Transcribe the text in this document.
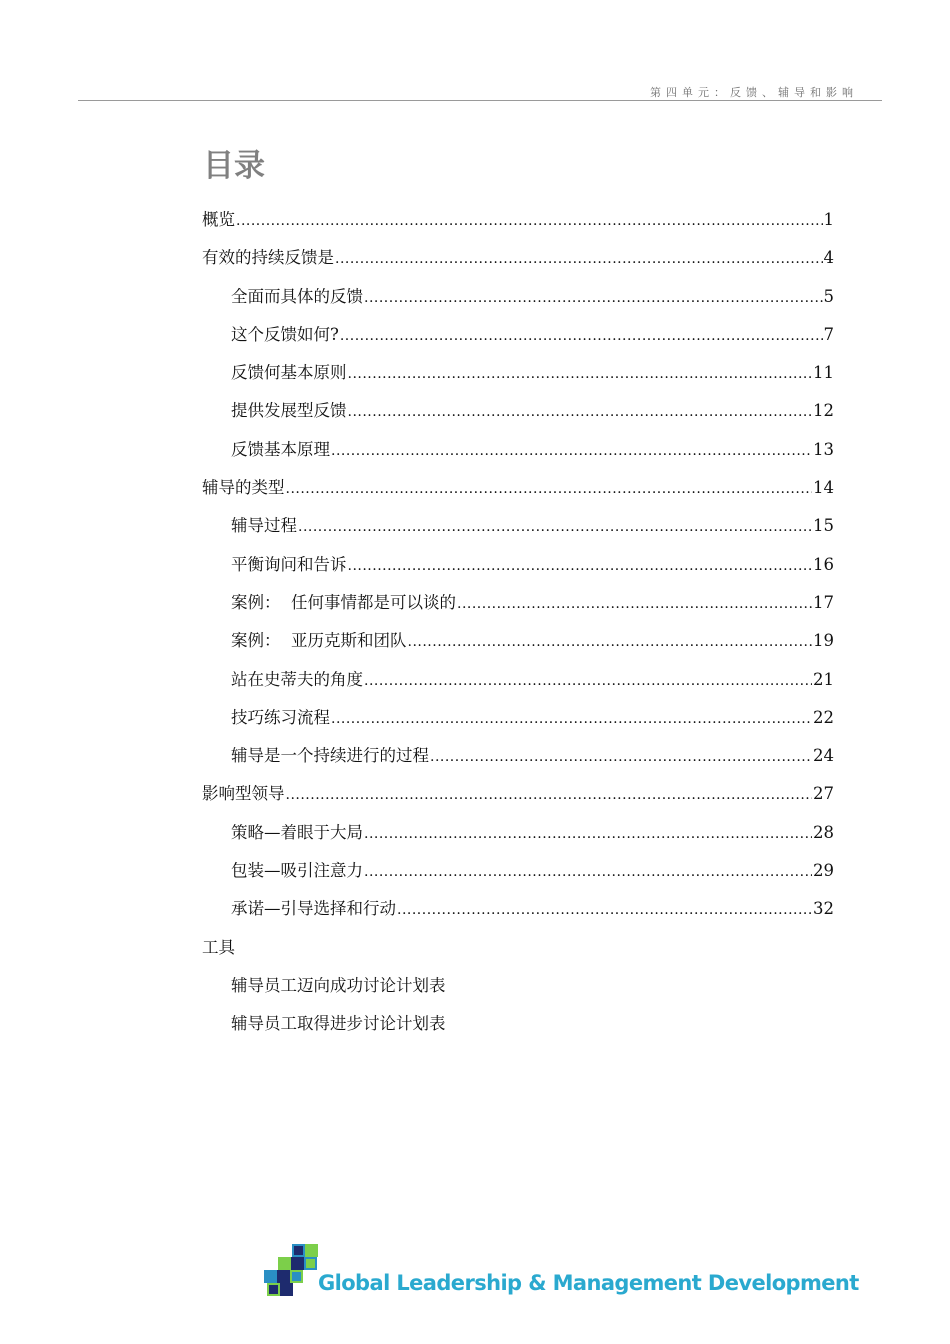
第四单元：反馈、辅导和影响
目录
概览 .....	1
有效的持续反馈是 .....	4
全面而具体的反馈 .....	5
这个反馈如何? .....	7
反馈何基本原则 .....	11
提供发展型反馈 .....	12
反馈基本原理 .....	13
辅导的类型 .....	14
辅导过程 .....	15
平衡询问和告诉 .....	16
案例：  任何事情都是可以谈的 .....	17
案例：  亚历克斯和团队 .....	19
站在史蒂夫的角度 .....	21
技巧练习流程 .....	22
辅导是一个持续进行的过程 .....	24
影响型领导 .....	27
策略—着眼于大局 .....	28
包装—吸引注意力 .....	29
承诺—引导选择和行动 .....	32
工具
辅导员工迈向成功讨论计划表
辅导员工取得进步讨论计划表
Global Leadership & Management Development
